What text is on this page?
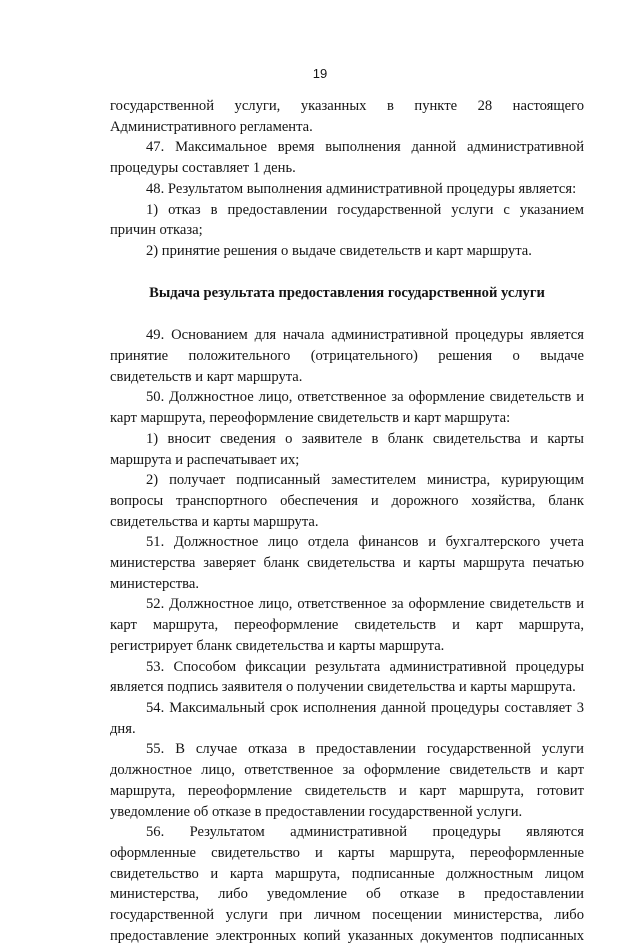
19

государственной услуги, указанных в пункте 28 настоящего Административного регламента.

47. Максимальное время выполнения данной административной процедуры составляет 1 день.

48. Результатом выполнения административной процедуры является:

1) отказ в предоставлении государственной услуги с указанием причин отказа;

2) принятие решения о выдаче свидетельств и карт маршрута.

Выдача результата предоставления государственной услуги

49. Основанием для начала административной процедуры является принятие положительного (отрицательного) решения о выдаче свидетельств и карт маршрута.

50. Должностное лицо, ответственное за оформление свидетельств и карт маршрута, переоформление свидетельств и карт маршрута:

1) вносит сведения о заявителе в бланк свидетельства и карты маршрута и распечатывает их;

2) получает подписанный заместителем министра, курирующим вопросы транспортного обеспечения и дорожного хозяйства, бланк свидетельства и карты маршрута.

51. Должностное лицо отдела финансов и бухгалтерского учета министерства заверяет бланк свидетельства и карты маршрута печатью министерства.

52. Должностное лицо, ответственное за оформление свидетельств и карт маршрута, переоформление свидетельств и карт маршрута, регистрирует бланк свидетельства и карты маршрута.

53. Способом фиксации результата административной процедуры является подпись заявителя о получении свидетельства и карты маршрута.

54. Максимальный срок исполнения данной процедуры составляет 3 дня.

55. В случае отказа в предоставлении государственной услуги должностное лицо, ответственное за оформление свидетельств и карт маршрута, переоформление свидетельств и карт маршрута, готовит уведомление об отказе в предоставлении государственной услуги.

56. Результатом административной процедуры являются оформленные свидетельство и карты маршрута, переоформленные свидетельство и карта маршрута, подписанные должностным лицом министерства, либо уведомление об отказе в предоставлении государственной услуги при личном посещении министерства, либо предоставление электронных копий указанных документов подписанных
